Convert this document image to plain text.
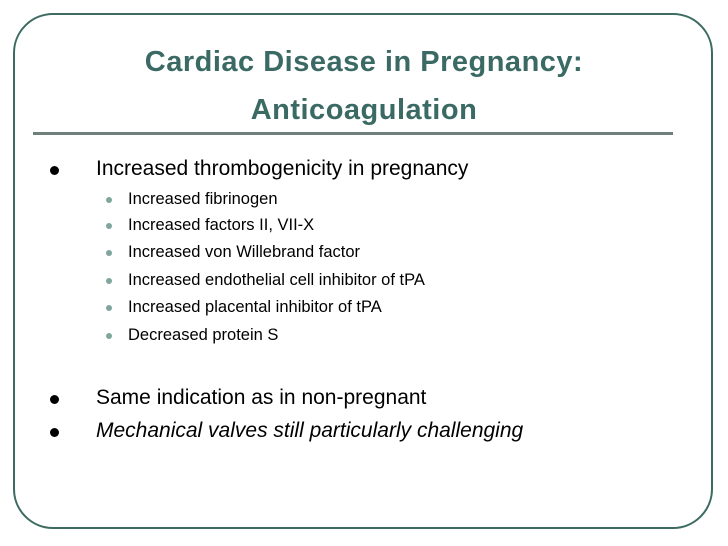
Cardiac Disease in Pregnancy:
Anticoagulation
Increased thrombogenicity in pregnancy
Increased fibrinogen
Increased factors II, VII-X
Increased von Willebrand factor
Increased endothelial cell inhibitor of tPA
Increased placental inhibitor of tPA
Decreased protein S
Same indication as in non-pregnant
Mechanical valves still particularly challenging
